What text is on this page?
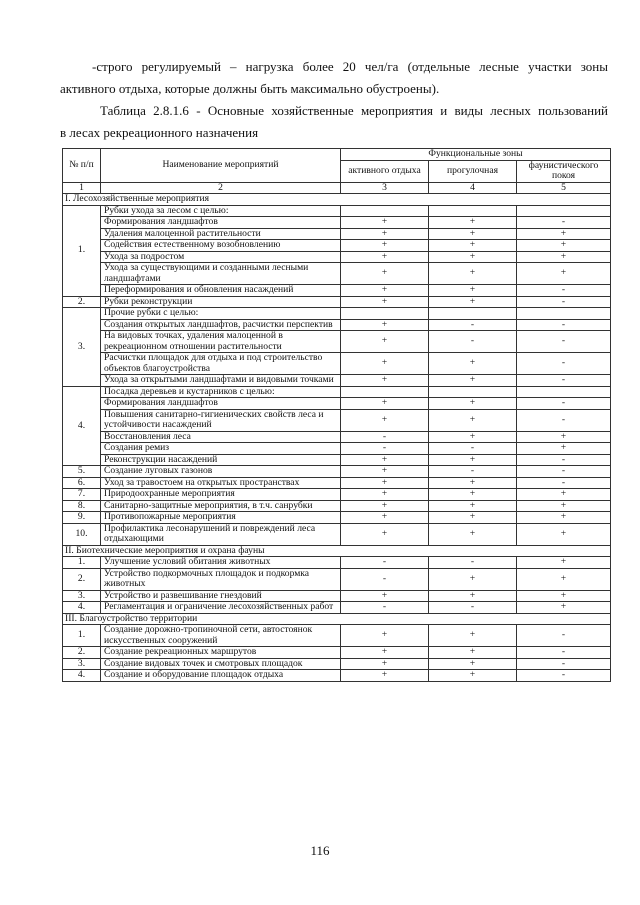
-строго регулируемый – нагрузка более 20 чел/га (отдельные лесные участки зоны
активного отдыха, которые должны быть максимально обустроены).
Таблица 2.8.1.6 - Основные хозяйственные мероприятия и виды лесных пользований
в лесах рекреационного назначения
№ п/п	Наименование мероприятий	Функциональные зоны		
		активного отдыха	прогулочная	фаунистического покоя
1	2	3	4	5
I. Лесохозяйственные мероприятия				
1.	Рубки ухода за лесом с целью:			
	Формирования ландшафтов	+	+	-
	Удаления малоценной растительности	+	+	+
	Содействия естественному возобновлению	+	+	+
	Ухода за подростом	+	+	+
	Ухода за существующими и созданными лесными ландшафтами	+	+	+
	Переформирования и обновления насаждений	+	+	-
2.	Рубки реконструкции	+	+	-
3.	Прочие рубки с целью:			
	Создания открытых ландшафтов, расчистки перспектив	+	-	-
	На видовых точках, удаления малоценной в рекреационном отношении растительности	+	-	-
	Расчистки площадок для отдыха и под строительство объектов благоустройства	+	+	-
	Ухода за открытыми ландшафтами и видовыми точками	+	+	-
4.	Посадка деревьев и кустарников с целью:			
	Формирования ландшафтов	+	+	-
	Повышения санитарно-гигиенических свойств леса и устойчивости насаждений	+	+	-
	Восстановления леса	-	+	+
	Создания ремиз	-	-	+
	Реконструкции насаждений	+	+	-
5.	Создание луговых газонов	+	-	-
6.	Уход за травостоем на открытых пространствах	+	+	-
7.	Природоохранные мероприятия	+	+	+
8.	Санитарно-защитные мероприятия, в т.ч. санрубки	+	+	+
9.	Противопожарные мероприятия	+	+	+
10.	Профилактика лесонарушений и повреждений леса отдыхающими	+	+	+
II. Биотехнические мероприятия и охрана фауны				
1.	Улучшение условий обитания животных	-	-	+
2.	Устройство подкормочных площадок и подкормка животных	-	+	+
3.	Устройство и развешивание гнездовий	+	+	+
4.	Регламентация и ограничение лесохозяйственных работ	-	-	+
III. Благоустройство территории				
1.	Создание дорожно-тропиночной сети, автостоянок искусственных сооружений	+	+	-
2.	Создание рекреационных маршрутов	+	+	-
3.	Создание видовых точек и смотровых площадок	+	+	-
4.	Создание и оборудование площадок отдыха	+	+	-
116
